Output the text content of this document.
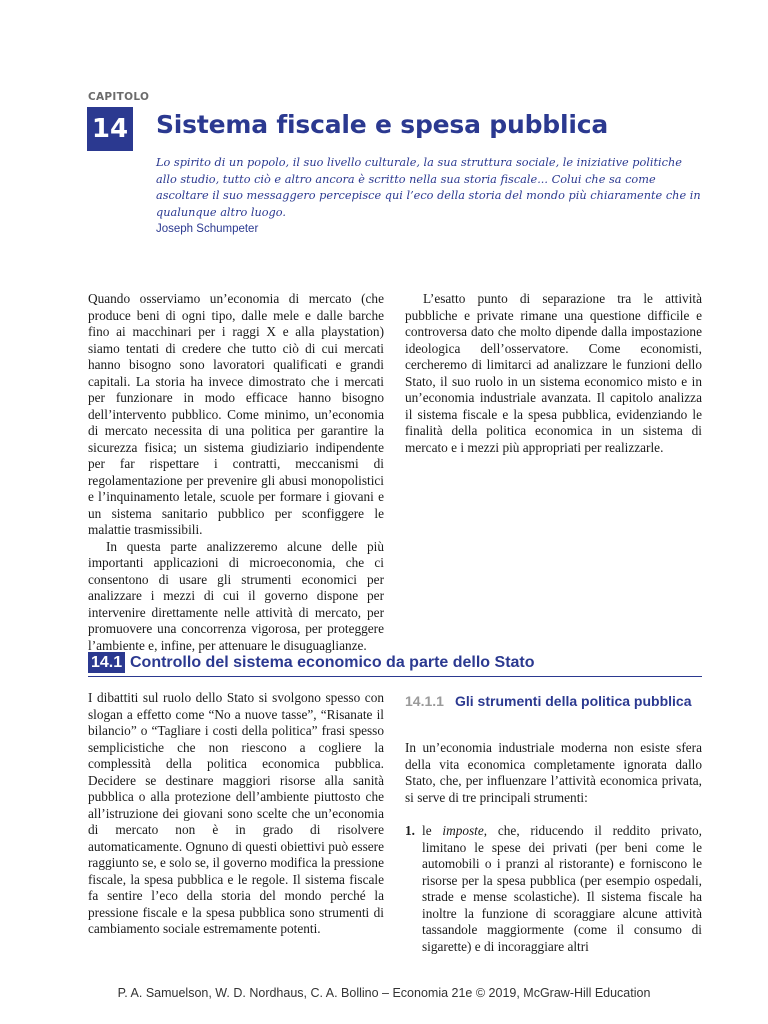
CAPITOLO
14 Sistema fiscale e spesa pubblica

Lo spirito di un popolo, il suo livello culturale, la sua struttura sociale, le iniziative politiche allo studio, tutto ciò e altro ancora è scritto nella sua storia fiscale... Colui che sa come ascoltare il suo messaggero percepisce qui l’eco della storia del mondo più chiaramente che in qualunque altro luogo.

Joseph Schumpeter

Quando osserviamo un’economia di mercato (che produce beni di ogni tipo, dalle mele e dalle barche fino ai macchinari per i raggi X e alla playstation) siamo tentati di credere che tutto ciò di cui mercati hanno bisogno sono lavoratori qualificati e grandi capitali. La storia ha invece dimostrato che i mercati per funzionare in modo efficace hanno bisogno dell’intervento pubblico. Come minimo, un’economia di mercato necessita di una politica per garantire la sicurezza fisica; un sistema giudiziario indipendente per far rispettare i contratti, meccanismi di regolamentazione per prevenire gli abusi monopolistici e l’inquinamento letale, scuole per formare i giovani e un sistema sanitario pubblico per sconfiggere le malattie trasmissibili.

In questa parte analizzeremo alcune delle più importanti applicazioni di microeconomia, che ci consentono di usare gli strumenti economici per analizzare i mezzi di cui il governo dispone per intervenire direttamente nelle attività di mercato, per promuovere una concorrenza vigorosa, per proteggere l’ambiente e, infine, per attenuare le disuguaglianze.

L’esatto punto di separazione tra le attività pubbliche e private rimane una questione difficile e controversa dato che molto dipende dalla impostazione ideologica dell’osservatore. Come economisti, cercheremo di limitarci ad analizzare le funzioni dello Stato, il suo ruolo in un sistema economico misto e in un’economia industriale avanzata. Il capitolo analizza il sistema fiscale e la spesa pubblica, evidenziando le finalità della politica economica in un sistema di mercato e i mezzi più appropriati per realizzarle.

14.1 Controllo del sistema economico da parte dello Stato

I dibattiti sul ruolo dello Stato si svolgono spesso con slogan a effetto come “No a nuove tasse”, “Risanate il bilancio” o “Tagliare i costi della politica” frasi spesso semplicistiche che non riescono a cogliere la complessità della politica economica pubblica. Decidere se destinare maggiori risorse alla sanità pubblica o alla protezione dell’ambiente piuttosto che all’istruzione dei giovani sono scelte che un’economia di mercato non è in grado di risolvere automaticamente. Ognuno di questi obiettivi può essere raggiunto se, e solo se, il governo modifica la pressione fiscale, la spesa pubblica e le regole. Il sistema fiscale fa sentire l’eco della storia del mondo perché la pressione fiscale e la spesa pubblica sono strumenti di cambiamento sociale estremamente potenti.

14.1.1 Gli strumenti della politica pubblica

In un’economia industriale moderna non esiste sfera della vita economica completamente ignorata dallo Stato, che, per influenzare l’attività economica privata, si serve di tre principali strumenti:

1. le imposte, che, riducendo il reddito privato, limitano le spese dei privati (per beni come le automobili o i pranzi al ristorante) e forniscono le risorse per la spesa pubblica (per esempio ospedali, strade e mense scolastiche). Il sistema fiscale ha inoltre la funzione di scoraggiare alcune attività tassandole maggiormente (come il consumo di sigarette) e di incoraggiare altri
P. A. Samuelson, W. D. Nordhaus, C. A. Bollino – Economia 21e © 2019, McGraw-Hill Education
